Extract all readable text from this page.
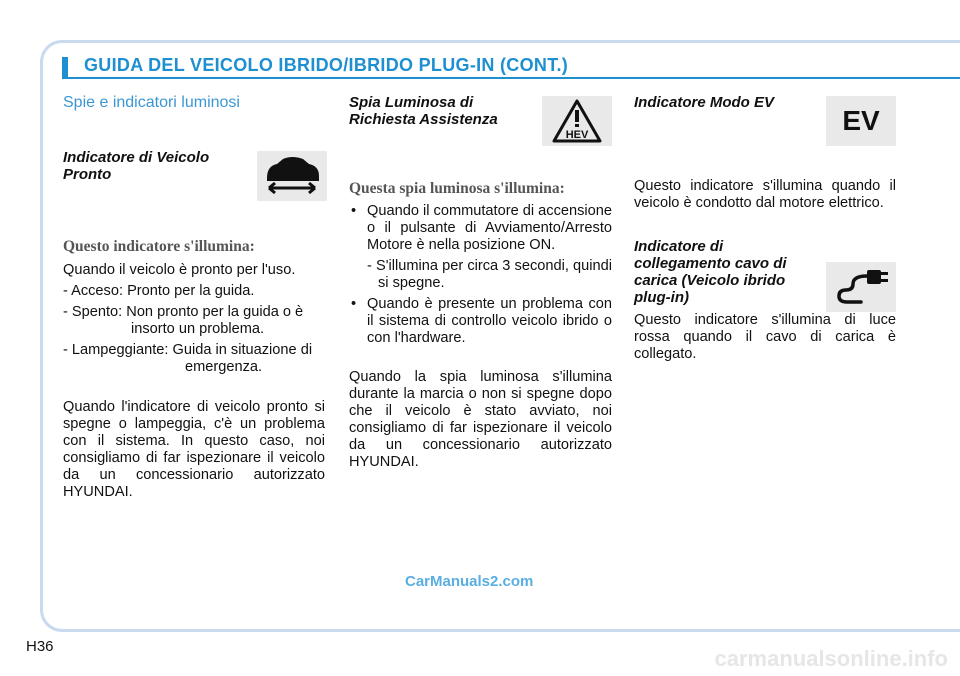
GUIDA DEL VEICOLO IBRIDO/IBRIDO PLUG-IN (CONT.)
Spie e indicatori luminosi
Indicatore di Veicolo Pronto
Questo indicatore s'illumina:

Quando il veicolo è pronto per l'uso.

- Acceso: Pronto per la guida.

- Spento: Non pronto per la guida o è insorto un problema.

- Lampeggiante: Guida in situazione di emergenza.

Quando l'indicatore di veicolo pronto si spegne o lampeggia, c'è un problema con il sistema. In questo caso, noi consigliamo di far ispezionare il veicolo da un concessionario autorizzato HYUNDAI.

Spia Luminosa di Richiesta Assistenza
Questa spia luminosa s'illumina:
• Quando il commutatore di accensione o il pulsante di Avviamento/Arresto Motore è nella posizione ON.
- S'illumina per circa 3 secondi, quindi si spegne.
• Quando è presente un problema con il sistema di controllo veicolo ibrido o con l'hardware.

Quando la spia luminosa s'illumina durante la marcia o non si spegne dopo che il veicolo è stato avviato, noi consigliamo di far ispezionare il veicolo da un concessionario autorizzato HYUNDAI.

HEV
Indicatore Modo EV

Questo indicatore s'illumina quando il veicolo è condotto dal motore elettrico.

Indicatore di collegamento cavo di carica (Veicolo ibrido plug-in)

Questo indicatore s'illumina di luce rossa quando il cavo di carica è collegato.

EV
CarManuals2.com
H36	carmanualsonline.info
